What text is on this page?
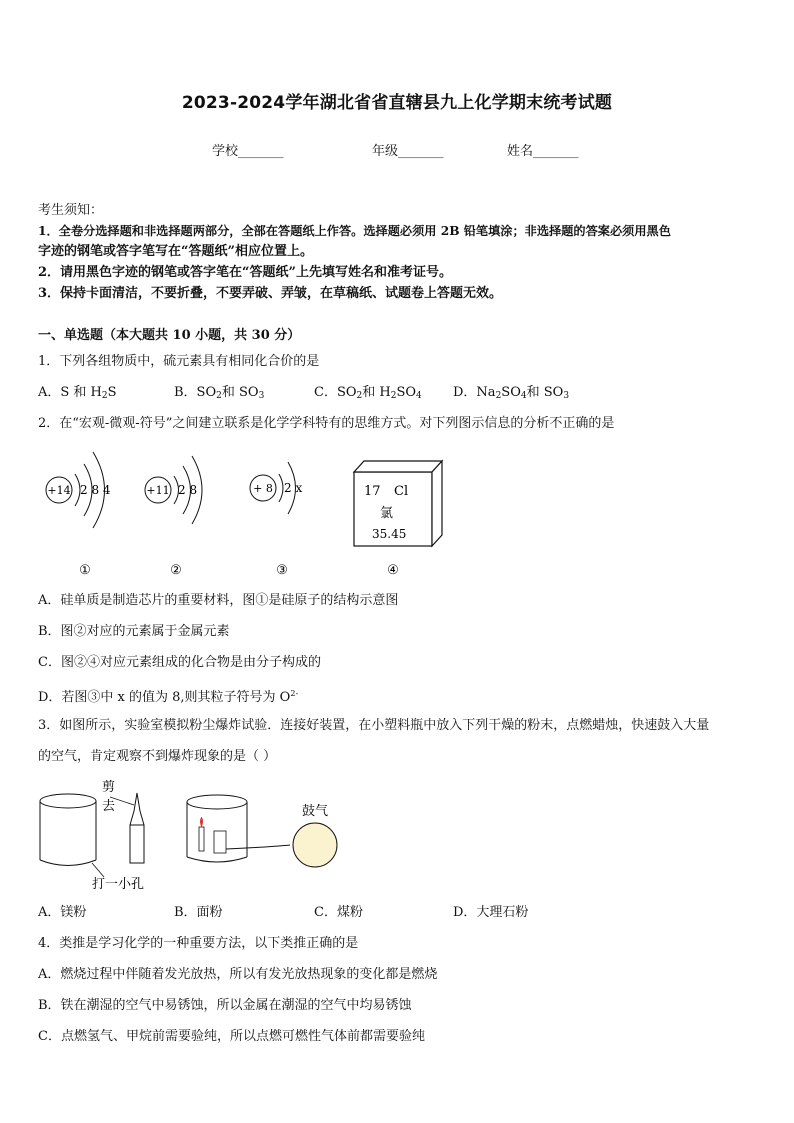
2023-2024学年湖北省省直辖县九上化学期末统考试题
学校_______	年级_______	姓名_______
考生须知：
1．全卷分选择题和非选择题两部分，全部在答题纸上作答。选择题必须用 2B 铅笔填涂；非选择题的答案必须用黑色
字迹的钢笔或答字笔写在“答题纸”相应位置上。
2．请用黑色字迹的钢笔或答字笔在“答题纸”上先填写姓名和准考证号。
3．保持卡面清洁，不要折叠，不要弄破、弄皱，在草稿纸、试题卷上答题无效。
一、单选题（本大题共 10 小题，共 30 分）
1．下列各组物质中，硫元素具有相同化合价的是
A．S 和 $H_2S$	B．$SO_2$和 $SO_3$	C．$SO_2$和 $H_2SO_4$ D．$Na_2SO_4$和 $SO_3$
2．在“宏观-微观-符号”之间建立联系是化学学科特有的思维方式。对下列图示信息的分析不正确的是
+14 2 8 4	+11 2 8	+ 8 2 x	17 Cl
氯
35.45
①	②	③	④
A．硅单质是制造芯片的重要材料，图①是硅原子的结构示意图
B．图②对应的元素属于金属元素
C．图②④对应元素组成的化合物是由分子构成的
D．若图③中 x 的值为 8,则其粒子符号为 $O^{2-}$
3．如图所示，实验室模拟粉尘爆炸试验．连接好装置，在小塑料瓶中放入下列干燥的粉末，点燃蜡烛，快速鼓入大量
的空气，肯定观察不到爆炸现象的是（ ）
剪
去
打一小孔
鼓气
A．镁粉	B．面粉	C．煤粉	D．大理石粉
4．类推是学习化学的一种重要方法，以下类推正确的是
A．燃烧过程中伴随着发光放热，所以有发光放热现象的变化都是燃烧
B．铁在潮湿的空气中易锈蚀，所以金属在潮湿的空气中均易锈蚀
C．点燃氢气、甲烷前需要验纯，所以点燃可燃性气体前都需要验纯
